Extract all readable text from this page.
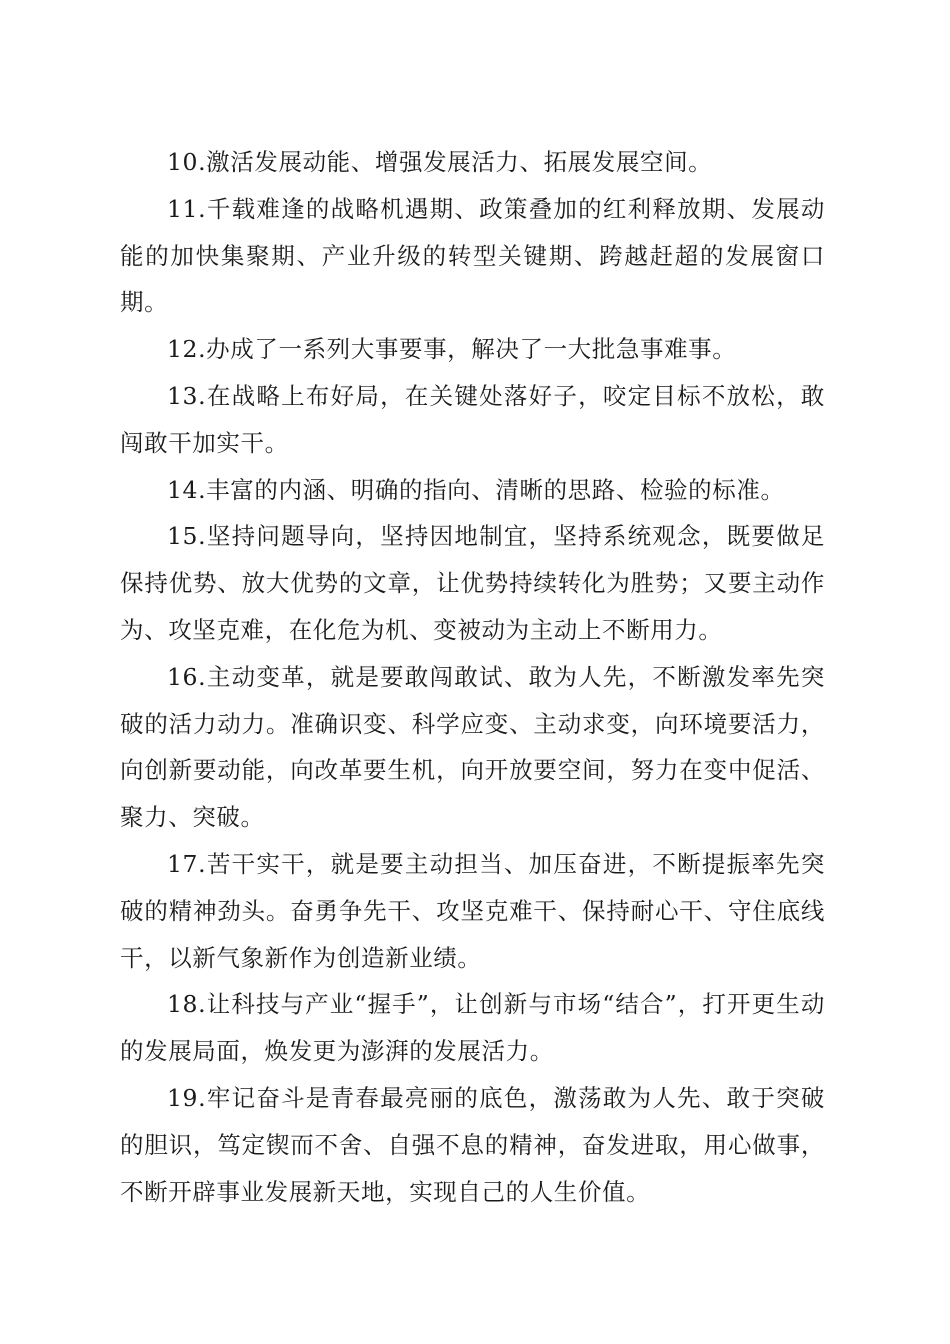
10.激活发展动能、增强发展活力、拓展发展空间。

11.千载难逢的战略机遇期、政策叠加的红利释放期、发展动能的加快集聚期、产业升级的转型关键期、跨越赶超的发展窗口期。

12.办成了一系列大事要事，解决了一大批急事难事。

13.在战略上布好局，在关键处落好子，咬定目标不放松，敢闯敢干加实干。

14.丰富的内涵、明确的指向、清晰的思路、检验的标准。

15.坚持问题导向，坚持因地制宜，坚持系统观念，既要做足保持优势、放大优势的文章，让优势持续转化为胜势；又要主动作为、攻坚克难，在化危为机、变被动为主动上不断用力。

16.主动变革，就是要敢闯敢试、敢为人先，不断激发率先突破的活力动力。准确识变、科学应变、主动求变，向环境要活力，向创新要动能，向改革要生机，向开放要空间，努力在变中促活、聚力、突破。

17.苦干实干，就是要主动担当、加压奋进，不断提振率先突破的精神劲头。奋勇争先干、攻坚克难干、保持耐心干、守住底线干，以新气象新作为创造新业绩。

18.让科技与产业“握手”，让创新与市场“结合”，打开更生动的发展局面，焕发更为澎湃的发展活力。

19.牢记奋斗是青春最亮丽的底色，激荡敢为人先、敢于突破的胆识，笃定锲而不舍、自强不息的精神，奋发进取，用心做事，不断开辟事业发展新天地，实现自己的人生价值。
